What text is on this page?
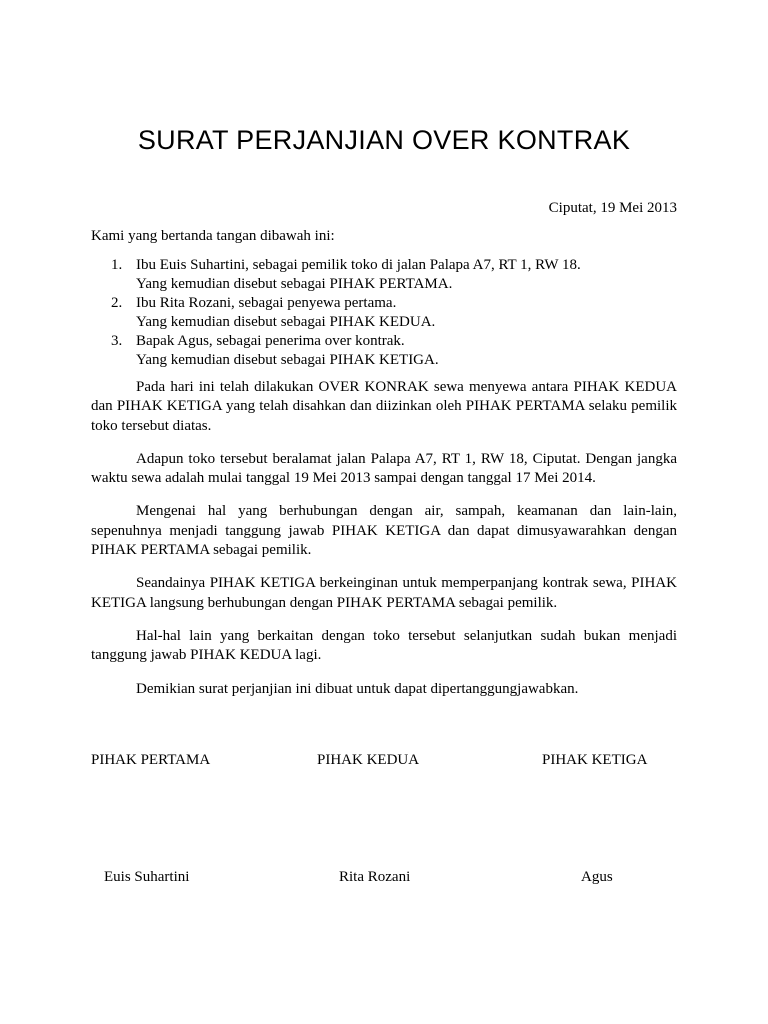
SURAT PERJANJIAN OVER KONTRAK
Ciputat, 19 Mei 2013
Kami yang bertanda tangan dibawah ini:
1. Ibu Euis Suhartini, sebagai pemilik toko di jalan Palapa A7, RT 1, RW 18.
Yang kemudian disebut sebagai PIHAK PERTAMA.
2. Ibu Rita Rozani, sebagai penyewa pertama.
Yang kemudian disebut sebagai PIHAK KEDUA.
3. Bapak Agus, sebagai penerima over kontrak.
Yang kemudian disebut sebagai PIHAK KETIGA.

Pada hari ini telah dilakukan OVER KONRAK sewa menyewa antara PIHAK KEDUA dan PIHAK KETIGA yang telah disahkan dan diizinkan oleh PIHAK PERTAMA selaku pemilik toko tersebut diatas.

Adapun toko tersebut beralamat jalan Palapa A7, RT 1, RW 18, Ciputat. Dengan jangka waktu sewa adalah mulai tanggal 19 Mei 2013 sampai dengan tanggal 17 Mei 2014.

Mengenai hal yang berhubungan dengan air, sampah, keamanan dan lain-lain, sepenuhnya menjadi tanggung jawab PIHAK KETIGA dan dapat dimusyawarahkan dengan PIHAK PERTAMA sebagai pemilik.

Seandainya PIHAK KETIGA berkeinginan untuk memperpanjang kontrak sewa, PIHAK KETIGA langsung berhubungan dengan PIHAK PERTAMA sebagai pemilik.

Hal-hal lain yang berkaitan dengan toko tersebut selanjutkan sudah bukan menjadi tanggung jawab PIHAK KEDUA lagi.

Demikian surat perjanjian ini dibuat untuk dapat dipertanggungjawabkan.

PIHAK PERTAMA	PIHAK KEDUA	PIHAK KETIGA
Euis Suhartini	Rita Rozani	Agus
